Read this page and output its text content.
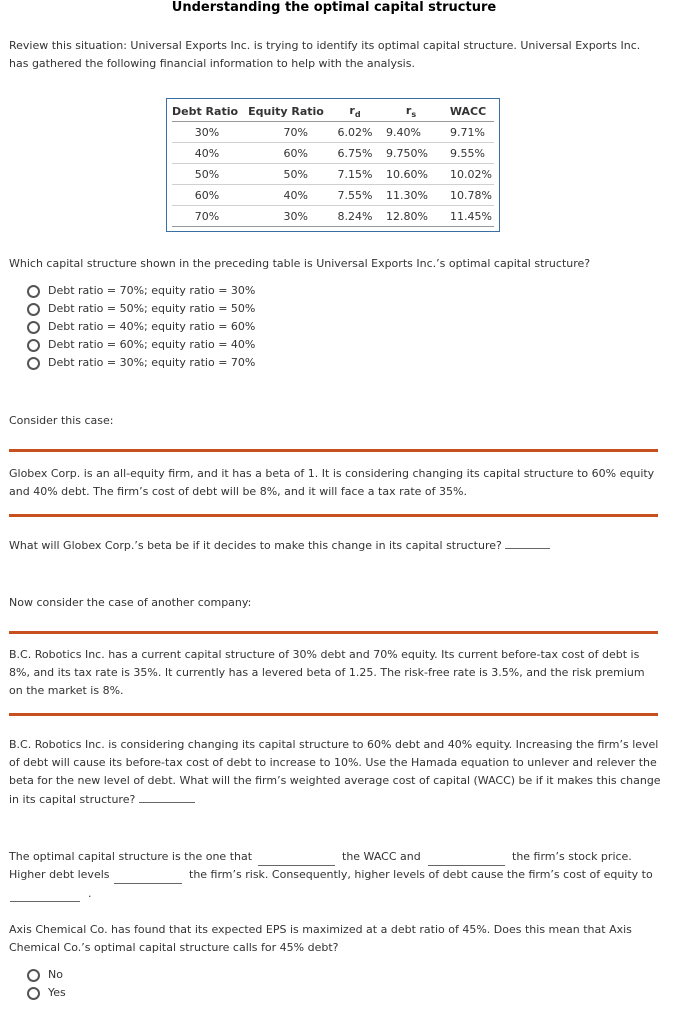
Understanding the optimal capital structure

Review this situation: Universal Exports Inc. is trying to identify its optimal capital structure. Universal Exports Inc. has gathered the following financial information to help with the analysis.

Debt Ratio	Equity Ratio	$r_d$	$r_s$	WACC
30%	70%	6.02%	9.40%	9.71%
40%	60%	6.75%	9.750%	9.55%
50%	50%	7.15%	10.60%	10.02%
60%	40%	7.55%	11.30%	10.78%
70%	30%	8.24%	12.80%	11.45%

Which capital structure shown in the preceding table is Universal Exports Inc.’s optimal capital structure?

Debt ratio = 70%; equity ratio = 30%
Debt ratio = 50%; equity ratio = 50%
Debt ratio = 40%; equity ratio = 60%
Debt ratio = 60%; equity ratio = 40%
Debt ratio = 30%; equity ratio = 70%

Consider this case:

Globex Corp. is an all-equity firm, and it has a beta of 1. It is considering changing its capital structure to 60% equity and 40% debt. The firm’s cost of debt will be 8%, and it will face a tax rate of 35%.

What will Globex Corp.’s beta be if it decides to make this change in its capital structure?

Now consider the case of another company:

B.C. Robotics Inc. has a current capital structure of 30% debt and 70% equity. Its current before-tax cost of debt is 8%, and its tax rate is 35%. It currently has a levered beta of 1.25. The risk-free rate is 3.5%, and the risk premium on the market is 8%.

B.C. Robotics Inc. is considering changing its capital structure to 60% debt and 40% equity. Increasing the firm’s level of debt will cause its before-tax cost of debt to increase to 10%. Use the Hamada equation to unlever and relever the beta for the new level of debt. What will the firm’s weighted average cost of capital (WACC) be if it makes this change in its capital structure?

The optimal capital structure is the one that	the WACC and	the firm’s stock price.
Higher debt levels	the firm’s risk. Consequently, higher levels of debt cause the firm’s cost of equity to
.

Axis Chemical Co. has found that its expected EPS is maximized at a debt ratio of 45%. Does this mean that Axis Chemical Co.’s optimal capital structure calls for 45% debt?

No
Yes
